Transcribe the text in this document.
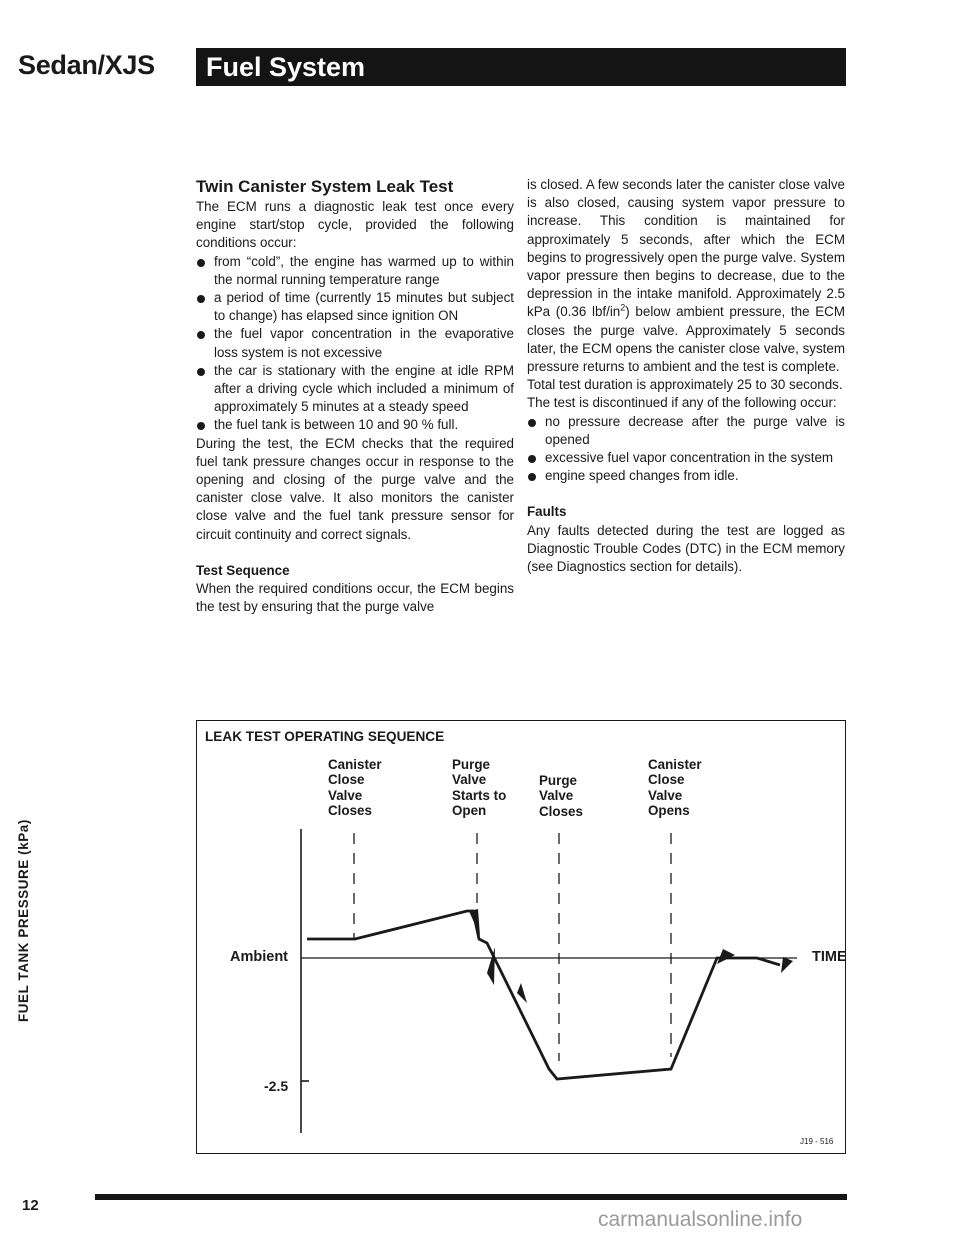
Sedan/XJS Fuel System
Twin Canister System Leak Test

The ECM runs a diagnostic leak test once every engine start/stop cycle, provided the following conditions occur:

from “cold”, the engine has warmed up to within the normal running temperature range
a period of time (currently 15 minutes but subject to change) has elapsed since ignition ON
the fuel vapor concentration in the evaporative loss system is not excessive
the car is stationary with the engine at idle RPM after a driving cycle which included a minimum of approximately 5 minutes at a steady speed
the fuel tank is between 10 and 90 % full.

During the test, the ECM checks that the required fuel tank pressure changes occur in response to the opening and closing of the purge valve and the canister close valve. It also monitors the canister close valve and the fuel tank pressure sensor for circuit continuity and correct signals.

Test Sequence

When the required conditions occur, the ECM begins the test by ensuring that the purge valve

is closed. A few seconds later the canister close valve is also closed, causing system vapor pressure to increase. This condition is maintained for approximately 5 seconds, after which the ECM begins to progressively open the purge valve. System vapor pressure then begins to decrease, due to the depression in the intake manifold. Approximately 2.5 kPa (0.36 lbf/$in^2$) below ambient pressure, the ECM closes the purge valve. Approximately 5 seconds later, the ECM opens the canister close valve, system pressure returns to ambient and the test is complete.

Total test duration is approximately 25 to 30 seconds.

The test is discontinued if any of the following occur:

no pressure decrease after the purge valve is opened
excessive fuel vapor concentration in the system
engine speed changes from idle.
Faults

Any faults detected during the test are logged as Diagnostic Trouble Codes (DTC) in the ECM memory (see Diagnostics section for details).

LEAK TEST OPERATING SEQUENCE
Canister
Close
Valve
Closes
Purge
Valve
Starts to
Open
Purge
Valve
Closes
Canister
Close
Valve
Opens
FUEL TANK PRESSURE (kPa)	Ambient
-2.5
TIME
J19 - 516
12
carmanualsonline.info
